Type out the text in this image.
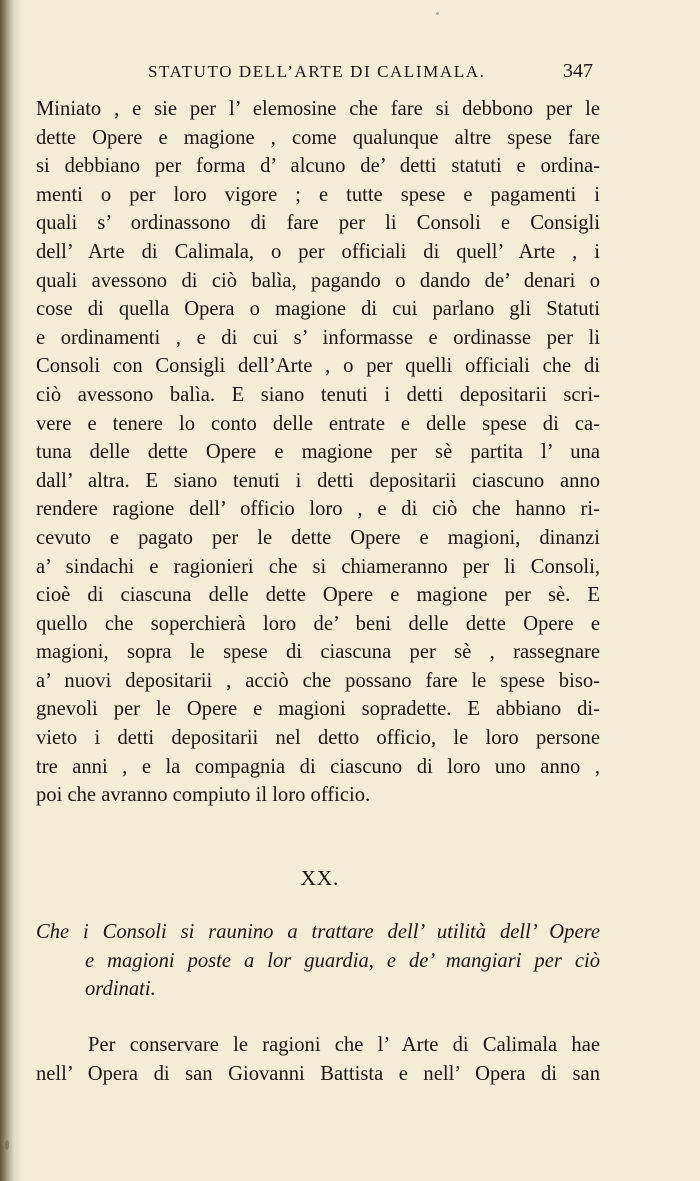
STATUTO DELL’ARTE DI CALIMALA.	347
Miniato , e sie per l’ elemosine che fare si debbono per le
dette Opere e magione , come qualunque altre spese fare
si debbiano per forma d’ alcuno de’ detti statuti e ordina-
menti o per loro vigore ; e tutte spese e pagamenti i
quali s’ ordinassono di fare per li Consoli e Consigli
dell’ Arte di Calimala, o per officiali di quell’ Arte , i
quali avessono di ciò balìa, pagando o dando de’ denari o
cose di quella Opera o magione di cui parlano gli Statuti
e ordinamenti , e di cui s’ informasse e ordinasse per li
Consoli con Consigli dell’Arte , o per quelli officiali che di
ciò avessono balìa. E siano tenuti i detti depositarii scri-
vere e tenere lo conto delle entrate e delle spese di ca-
tuna delle dette Opere e magione per sè partita l’ una
dall’ altra. E siano tenuti i detti depositarii ciascuno anno
rendere ragione dell’ officio loro , e di ciò che hanno ri-
cevuto e pagato per le dette Opere e magioni, dinanzi
a’ sindachi e ragionieri che si chiameranno per li Consoli,
cioè di ciascuna delle dette Opere e magione per sè. E
quello che soperchierà loro de’ beni delle dette Opere e
magioni, sopra le spese di ciascuna per sè , rassegnare
a’ nuovi depositarii , acciò che possano fare le spese biso-
gnevoli per le Opere e magioni sopradette. E abbiano di-
vieto i detti depositarii nel detto officio, le loro persone
tre anni , e la compagnia di ciascuno di loro uno anno ,
poi che avranno compiuto il loro officio.
XX.
Che i Consoli si raunino a trattare dell’ utilità dell’ Opere
e magioni poste a lor guardia, e de’ mangiari per ciò
ordinati.
Per conservare le ragioni che l’ Arte di Calimala hae
nell’ Opera di san Giovanni Battista e nell’ Opera di san
